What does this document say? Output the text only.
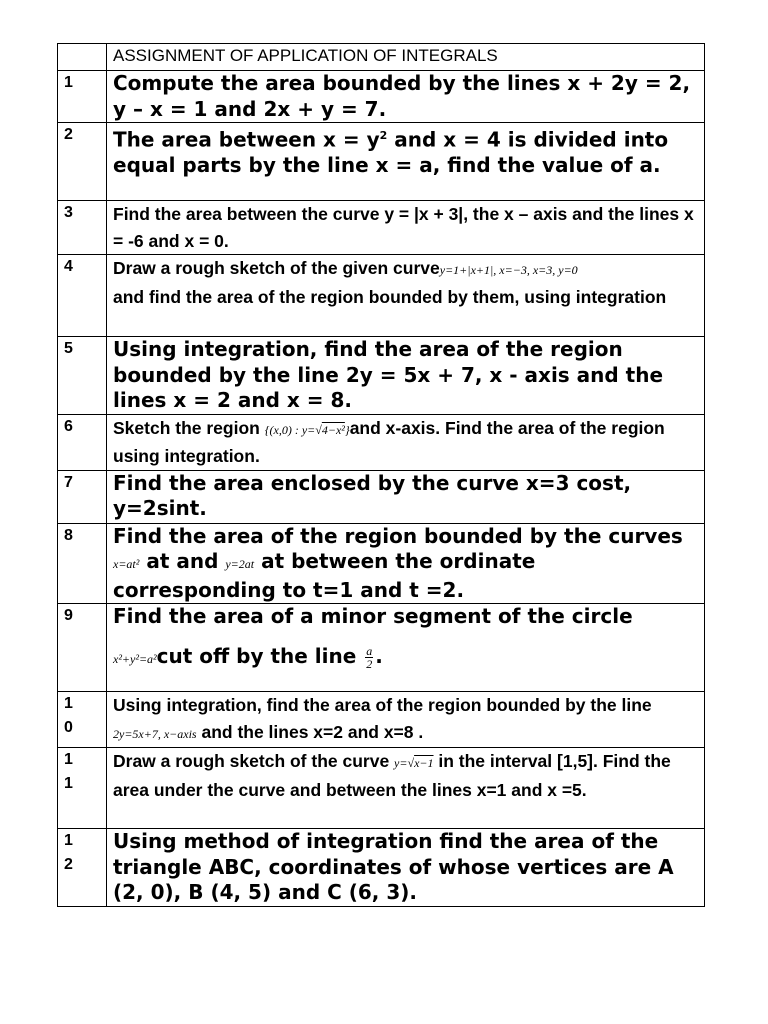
	ASSIGNMENT OF APPLICATION OF INTEGRALS

1	Compute the area bounded by the lines x + 2y = 2, y – x = 1 and 2x + y = 7.

2	The area between $x = y^2$ and x = 4 is divided into equal parts by the line x = a, find the value of a.

3	Find the area between the curve y = |x + 3|, the x – axis and the lines x = -6 and x = 0.

4	Draw a rough sketch of the given curvey=1+|x+1|, x=−3, x=3, y=0
and find the area of the region bounded by them, using integration

5	Using integration, find the area of the region bounded by the line 2y = 5x + 7, x - axis and the lines x = 2 and x = 8.

6	Sketch the region {(x,0) : y=√4−x²}and x-axis. Find the area of the region using integration.

7	Find the area enclosed by the curve x=3 cost, y=2sint.

8	Find the area of the region bounded by the curves x=at² at and y=2at at between the ordinate corresponding to t=1 and t =2.

9	Find the area of a minor segment of the circle
x²+y²=a²cut off by the line $\frac{a}{2}$ .

1
0	Using integration, find the area of the region bounded by the line 2y=5x+7, x−axis and the lines x=2 and x=8 .

1
1	Draw a rough sketch of the curve y=√x−1 in the interval [1,5]. Find the area under the curve and between the lines x=1 and x =5.

1
2	Using method of integration find the area of the triangle ABC, coordinates of whose vertices are A (2, 0), B (4, 5) and C (6, 3).
